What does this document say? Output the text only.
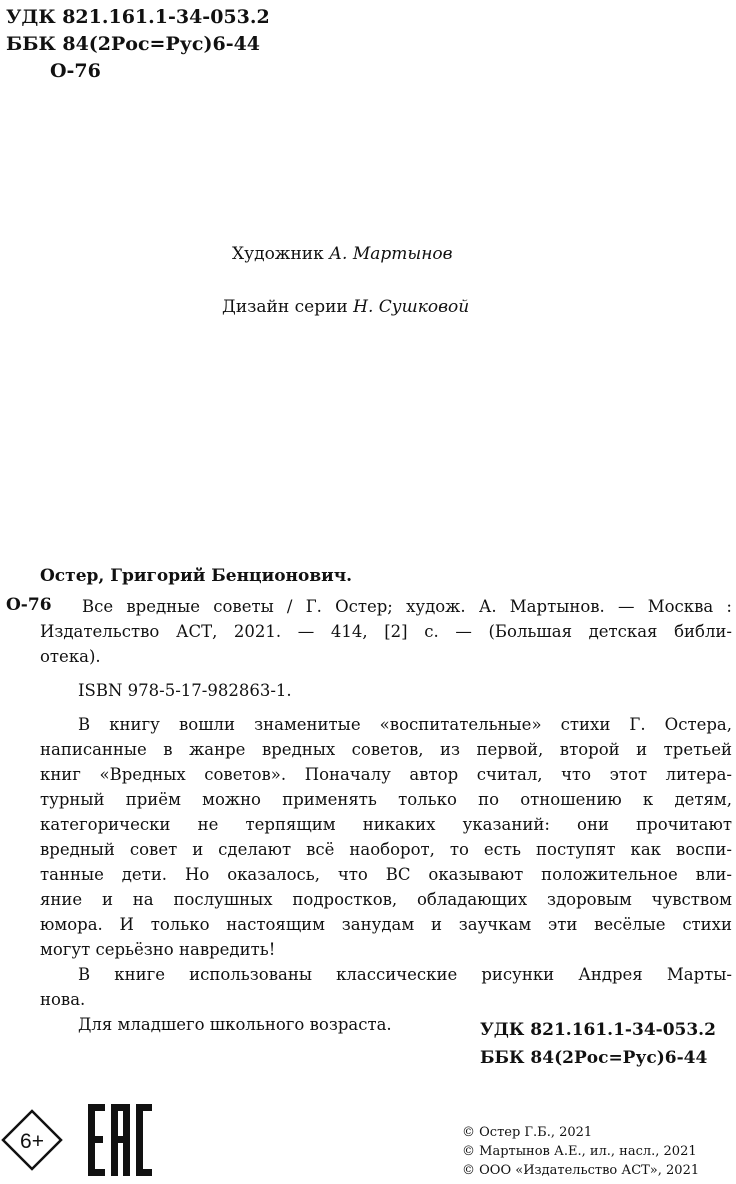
УДК 821.161.1-34-053.2
ББК 84(2Рос=Рус)6-44
О-76
Художник А. Мартынов
Дизайн серии Н. Сушковой
Остер, Григорий Бенционович.
О-76 Все вредные советы / Г. Остер; худож. А. Мартынов. — Москва :
Издательство АСТ, 2021. — 414, [2] с. — (Большая детская библи-
отека).
ISBN 978-5-17-982863-1.
В книгу вошли знаменитые «воспитательные» стихи Г. Остера,
написанные в жанре вредных советов, из первой, второй и третьей
книг «Вредных советов». Поначалу автор считал, что этот литера-
турный приём можно применять только по отношению к детям,
категорически не терпящим никаких указаний: они прочитают
вредный совет и сделают всё наоборот, то есть поступят как воспи-
танные дети. Но оказалось, что ВС оказывают положительное вли-
яние и на послушных подростков, обладающих здоровым чувством
юмора. И только настоящим занудам и заучкам эти весёлые стихи
могут серьёзно навредить!
В книге использованы классические рисунки Андрея Марты-
нова.
Для младшего школьного возраста.	УДК 821.161.1-34-053.2
ББК 84(2Рос=Рус)6-44
© Остер Г.Б., 2021
© Мартынов А.Е., ил., насл., 2021
© ООО «Издательство АСТ», 2021
6+
